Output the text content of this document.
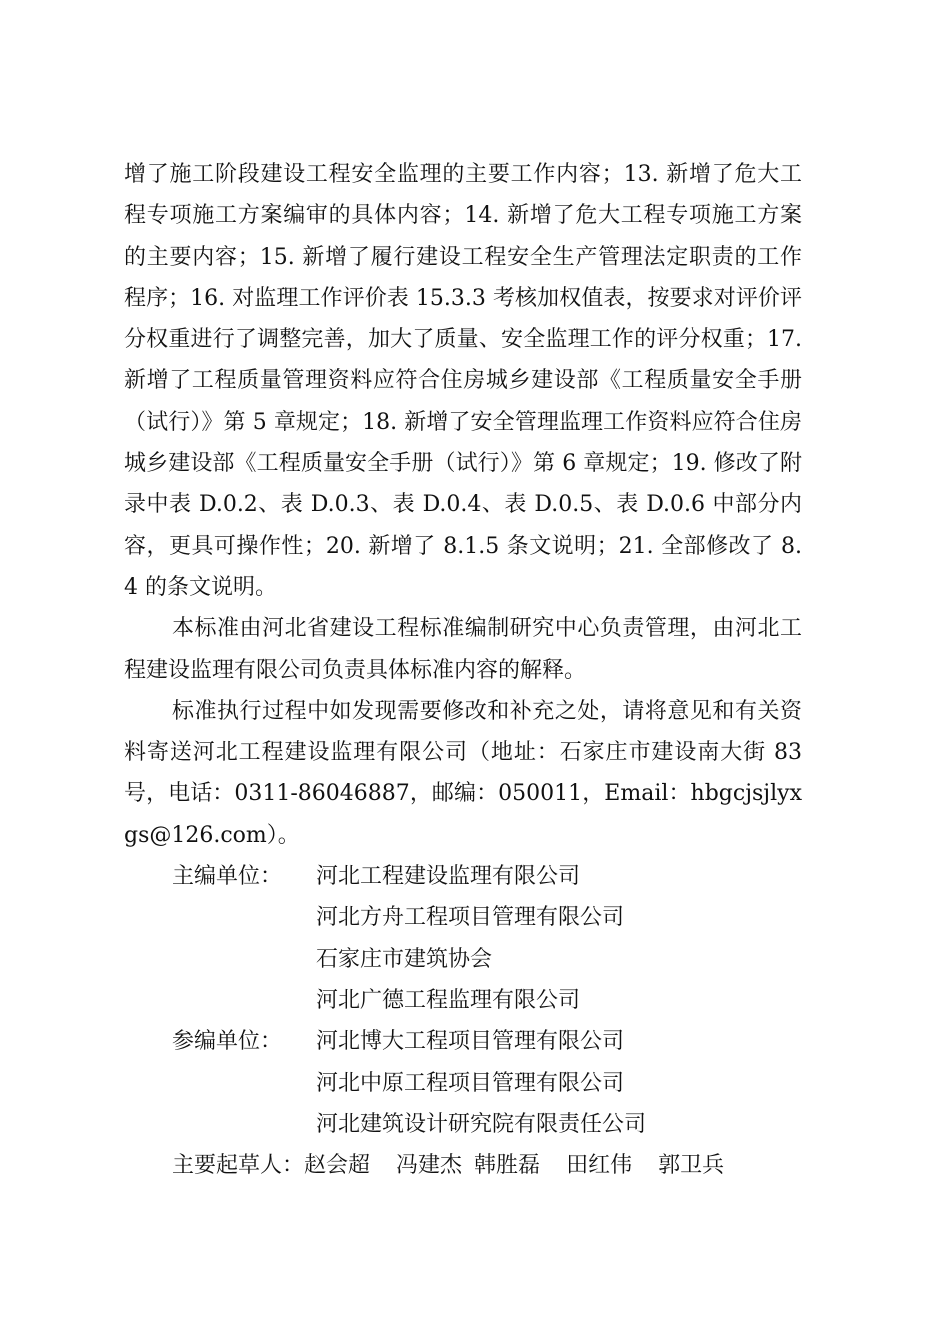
增了施工阶段建设工程安全监理的主要工作内容；13. 新增了危大工程专项施工方案编审的具体内容；14. 新增了危大工程专项施工方案的主要内容；15. 新增了履行建设工程安全生产管理法定职责的工作程序；16. 对监理工作评价表 15.3.3 考核加权值表，按要求对评价评分权重进行了调整完善，加大了质量、安全监理工作的评分权重；17. 新增了工程质量管理资料应符合住房城乡建设部《工程质量安全手册（试行）》第 5 章规定；18. 新增了安全管理监理工作资料应符合住房城乡建设部《工程质量安全手册（试行）》第 6 章规定；19. 修改了附录中表 D.0.2、表 D.0.3、表 D.0.4、表 D.0.5、表 D.0.6 中部分内容，更具可操作性；20. 新增了 8.1.5 条文说明；21. 全部修改了 8.4 的条文说明。

本标准由河北省建设工程标准编制研究中心负责管理，由河北工程建设监理有限公司负责具体标准内容的解释。

标准执行过程中如发现需要修改和补充之处，请将意见和有关资料寄送河北工程建设监理有限公司（地址：石家庄市建设南大街 83 号，电话：0311-86046887，邮编：050011，Email：hbgcjsjlyxgs@126.com）。

主编单位：	河北工程建设监理有限公司
河北方舟工程项目管理有限公司
石家庄市建筑协会
河北广德工程监理有限公司
参编单位：	河北博大工程项目管理有限公司
河北中原工程项目管理有限公司
河北建筑设计研究院有限责任公司
主要起草人： 赵会超 冯建杰 韩胜磊 田红伟 郭卫兵
